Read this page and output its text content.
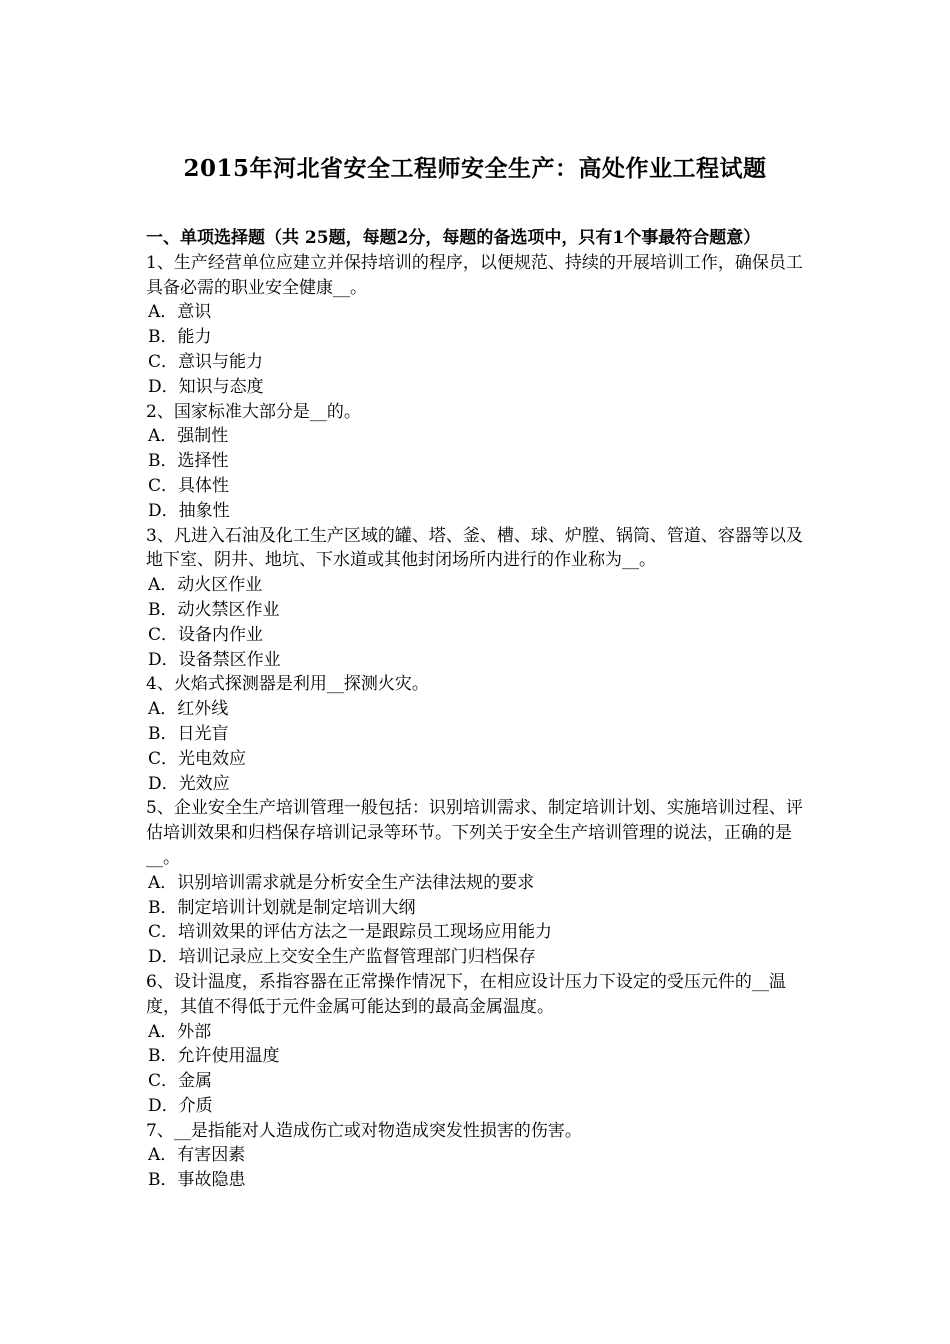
2015年河北省安全工程师安全生产：高处作业工程试题
一、单项选择题（共 25题，每题2分，每题的备选项中，只有1个事最符合题意）
1、生产经营单位应建立并保持培训的程序，以便规范、持续的开展培训工作，确保员工具备必需的职业安全健康__。
A．意识
B．能力
C．意识与能力
D．知识与态度
2、国家标准大部分是__的。
A．强制性
B．选择性
C．具体性
D．抽象性
3、凡进入石油及化工生产区域的罐、塔、釜、槽、球、炉膛、锅筒、管道、容器等以及地下室、阴井、地坑、下水道或其他封闭场所内进行的作业称为__。
A．动火区作业
B．动火禁区作业
C．设备内作业
D．设备禁区作业
4、火焰式探测器是利用__探测火灾。
A．红外线
B．日光盲
C．光电效应
D．光效应
5、企业安全生产培训管理一般包括：识别培训需求、制定培训计划、实施培训过程、评估培训效果和归档保存培训记录等环节。下列关于安全生产培训管理的说法，正确的是__。
A．识别培训需求就是分析安全生产法律法规的要求
B．制定培训计划就是制定培训大纲
C．培训效果的评估方法之一是跟踪员工现场应用能力
D．培训记录应上交安全生产监督管理部门归档保存
6、设计温度，系指容器在正常操作情况下，在相应设计压力下设定的受压元件的__温度，其值不得低于元件金属可能达到的最高金属温度。
A．外部
B．允许使用温度
C．金属
D．介质
7、__是指能对人造成伤亡或对物造成突发性损害的伤害。
A．有害因素
B．事故隐患
